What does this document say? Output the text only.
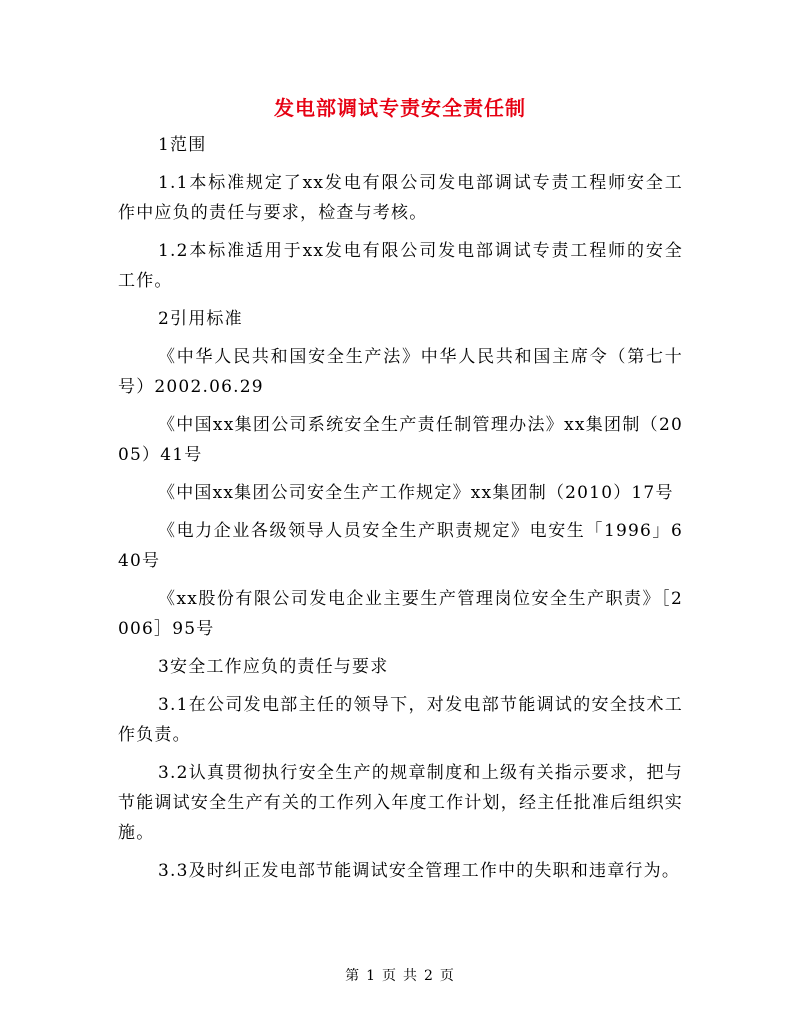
发电部调试专责安全责任制

1范围

1.1本标准规定了xx发电有限公司发电部调试专责工程师安全工作中应负的责任与要求，检查与考核。

1.2本标准适用于xx发电有限公司发电部调试专责工程师的安全工作。

2引用标准

《中华人民共和国安全生产法》中华人民共和国主席令（第七十号）2002.06.29

《中国xx集团公司系统安全生产责任制管理办法》xx集团制（2005）41号

《中国xx集团公司安全生产工作规定》xx集团制（2010）17号

《电力企业各级领导人员安全生产职责规定》电安生「1996」640号

《xx股份有限公司发电企业主要生产管理岗位安全生产职责》［2006］95号

3安全工作应负的责任与要求

3.1在公司发电部主任的领导下，对发电部节能调试的安全技术工作负责。

3.2认真贯彻执行安全生产的规章制度和上级有关指示要求，把与节能调试安全生产有关的工作列入年度工作计划，经主任批准后组织实施。

3.3及时纠正发电部节能调试安全管理工作中的失职和违章行为。

第 1 页 共 2 页
